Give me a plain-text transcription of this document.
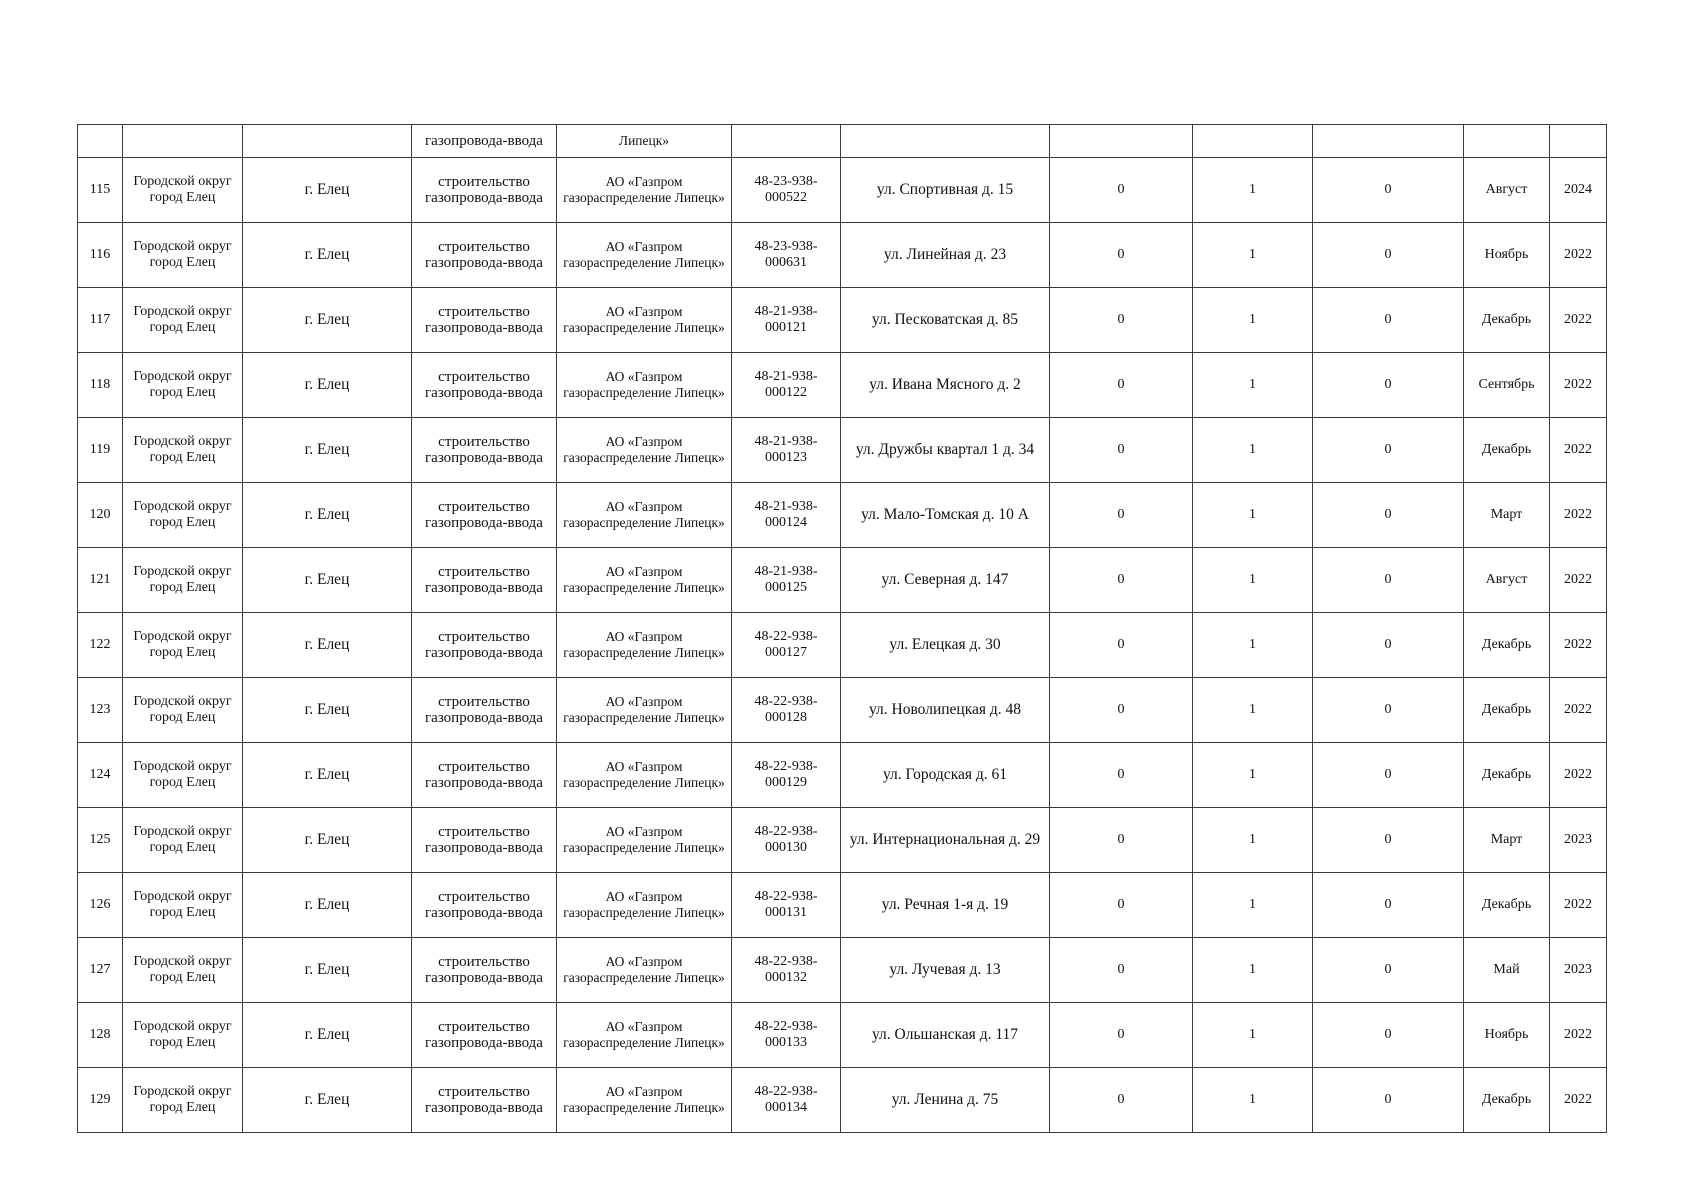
			газопровода-ввода	Липецк»							
115	Городской округ город Елец	г. Елец	строительство газопровода-ввода	АО «Газпром газораспределение Липецк»	48-23-938-000522	ул. Спортивная д. 15	0	1	0	Август	2024
116	Городской округ город Елец	г. Елец	строительство газопровода-ввода	АО «Газпром газораспределение Липецк»	48-23-938-000631	ул. Линейная д. 23	0	1	0	Ноябрь	2022
117	Городской округ город Елец	г. Елец	строительство газопровода-ввода	АО «Газпром газораспределение Липецк»	48-21-938-000121	ул. Песковатская д. 85	0	1	0	Декабрь	2022
118	Городской округ город Елец	г. Елец	строительство газопровода-ввода	АО «Газпром газораспределение Липецк»	48-21-938-000122	ул. Ивана Мясного д. 2	0	1	0	Сентябрь	2022
119	Городской округ город Елец	г. Елец	строительство газопровода-ввода	АО «Газпром газораспределение Липецк»	48-21-938-000123	ул. Дружбы квартал 1 д. 34	0	1	0	Декабрь	2022
120	Городской округ город Елец	г. Елец	строительство газопровода-ввода	АО «Газпром газораспределение Липецк»	48-21-938-000124	ул. Мало-Томская д. 10 А	0	1	0	Март	2022
121	Городской округ город Елец	г. Елец	строительство газопровода-ввода	АО «Газпром газораспределение Липецк»	48-21-938-000125	ул. Северная д. 147	0	1	0	Август	2022
122	Городской округ город Елец	г. Елец	строительство газопровода-ввода	АО «Газпром газораспределение Липецк»	48-22-938-000127	ул. Елецкая д. 30	0	1	0	Декабрь	2022
123	Городской округ город Елец	г. Елец	строительство газопровода-ввода	АО «Газпром газораспределение Липецк»	48-22-938-000128	ул. Новолипецкая д. 48	0	1	0	Декабрь	2022
124	Городской округ город Елец	г. Елец	строительство газопровода-ввода	АО «Газпром газораспределение Липецк»	48-22-938-000129	ул. Городская д. 61	0	1	0	Декабрь	2022
125	Городской округ город Елец	г. Елец	строительство газопровода-ввода	АО «Газпром газораспределение Липецк»	48-22-938-000130	ул. Интернациональная д. 29	0	1	0	Март	2023
126	Городской округ город Елец	г. Елец	строительство газопровода-ввода	АО «Газпром газораспределение Липецк»	48-22-938-000131	ул. Речная 1-я д. 19	0	1	0	Декабрь	2022
127	Городской округ город Елец	г. Елец	строительство газопровода-ввода	АО «Газпром газораспределение Липецк»	48-22-938-000132	ул. Лучевая д. 13	0	1	0	Май	2023
128	Городской округ город Елец	г. Елец	строительство газопровода-ввода	АО «Газпром газораспределение Липецк»	48-22-938-000133	ул. Ольшанская д. 117	0	1	0	Ноябрь	2022
129	Городской округ город Елец	г. Елец	строительство газопровода-ввода	АО «Газпром газораспределение Липецк»	48-22-938-000134	ул. Ленина д. 75	0	1	0	Декабрь	2022
